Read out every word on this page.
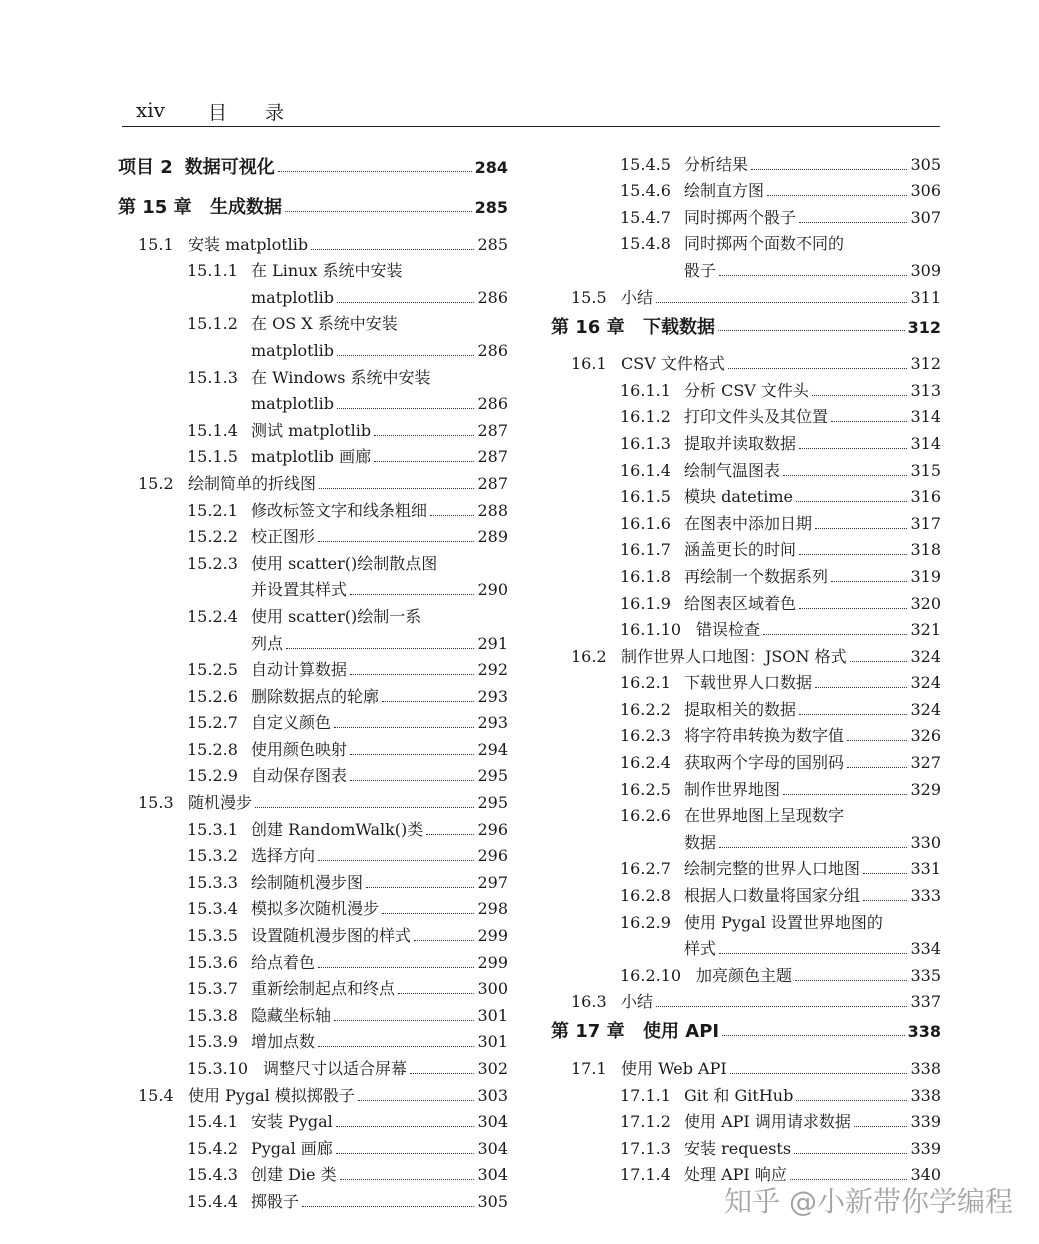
xiv 目录
项目 2 数据可视化	284
第 15 章	生成数据	285
15.1 安装 matplotlib	285
15.1.1 在 Linux 系统中安装
matplotlib	286
15.1.2 在 OS X 系统中安装
matplotlib	286
15.1.3 在 Windows 系统中安装
matplotlib	286
15.1.4 测试 matplotlib	287
15.1.5 matplotlib 画廊	287
15.2 绘制简单的折线图	287
15.2.1 修改标签文字和线条粗细	288
15.2.2 校正图形	289
15.2.3 使用 scatter()绘制散点图
并设置其样式	290
15.2.4 使用 scatter()绘制一系
列点	291
15.2.5 自动计算数据	292
15.2.6 删除数据点的轮廓	293
15.2.7 自定义颜色	293
15.2.8 使用颜色映射	294
15.2.9 自动保存图表	295
15.3 随机漫步	295
15.3.1 创建 RandomWalk()类	296
15.3.2 选择方向	296
15.3.3 绘制随机漫步图	297
15.3.4 模拟多次随机漫步	298
15.3.5 设置随机漫步图的样式	299
15.3.6 给点着色	299
15.3.7 重新绘制起点和终点	300
15.3.8 隐藏坐标轴	301
15.3.9 增加点数	301
15.3.10 调整尺寸以适合屏幕	302
15.4 使用 Pygal 模拟掷骰子	303
15.4.1 安装 Pygal	304
15.4.2 Pygal 画廊	304
15.4.3 创建 Die 类	304
15.4.4 掷骰子	305
15.4.5 分析结果	305
15.4.6 绘制直方图	306
15.4.7 同时掷两个骰子	307
15.4.8 同时掷两个面数不同的
骰子	309
15.5 小结	311
第 16 章	下载数据	312
16.1 CSV 文件格式	312
16.1.1 分析 CSV 文件头	313
16.1.2 打印文件头及其位置	314
16.1.3 提取并读取数据	314
16.1.4 绘制气温图表	315
16.1.5 模块 datetime	316
16.1.6 在图表中添加日期	317
16.1.7 涵盖更长的时间	318
16.1.8 再绘制一个数据系列	319
16.1.9 给图表区域着色	320
16.1.10 错误检查	321
16.2 制作世界人口地图：JSON 格式	324
16.2.1 下载世界人口数据	324
16.2.2 提取相关的数据	324
16.2.3 将字符串转换为数字值	326
16.2.4 获取两个字母的国别码	327
16.2.5 制作世界地图	329
16.2.6 在世界地图上呈现数字
数据	330
16.2.7 绘制完整的世界人口地图	331
16.2.8 根据人口数量将国家分组	333
16.2.9 使用 Pygal 设置世界地图的
样式	334
16.2.10 加亮颜色主题	335
16.3 小结	337
第 17 章	使用 API	338
17.1 使用 Web API	338
17.1.1 Git 和 GitHub	338
17.1.2 使用 API 调用请求数据	339
17.1.3 安装 requests	339
17.1.4 处理 API 响应	340
知乎 @小新带你学编程
